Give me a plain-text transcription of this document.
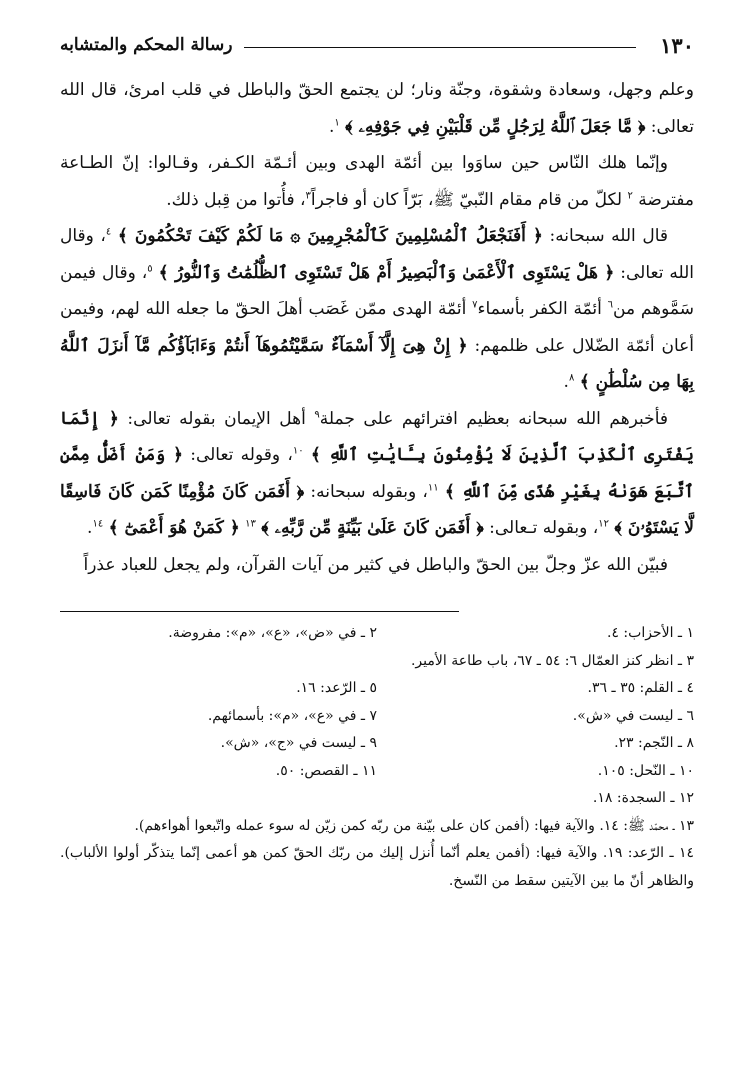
١٣٠
رسالة المحكم والمتشابه

وعلم وجهل، وسعادة وشقوة، وجنّة ونار؛ لن يجتمع الحقّ والباطل في قلب امرئ، قال الله تعالى: ﴿ مَّا جَعَلَ ٱللَّهُ لِرَجُلٍ مِّن قَلْبَيْنِ فِي جَوْفِهِۦ ﴾ $^١$.

وإنّما هلك النّاس حين ساوَوا بين أئمّة الهدى وبين أئـمّة الكـفر، وقـالوا: إنّ الطـاعة مفترضة $^٢$ لكلّ من قام مقام النّبيّ ﷺ، بَرّاً كان أو فاجراً$^٣$، فأُتوا من قِبل ذلك.

قال الله سبحانه: ﴿ أَفَنَجْعَلُ ٱلْمُسْلِمِينَ كَٱلْمُجْرِمِينَ ۞ مَا لَكُمْ كَيْفَ تَحْكُمُونَ ﴾ $^٤$، وقال الله تعالى: ﴿ هَلْ يَسْتَوِى ٱلْأَعْمَىٰ وَٱلْبَصِيرُ أَمْ هَلْ تَسْتَوِى ٱلظُّلُمَٰتُ وَٱلنُّورُ ﴾ $^٥$، وقال فيمن سَمَّوهم من$^٦$ أئمّة الكفر بأسماء$^٧$ أئمّة الهدى ممّن غَصَب أهلَ الحقّ ما جعله الله لهم، وفيمن أعان أئمّة الضّلال على ظلمهم: ﴿ إِنْ هِىَ إِلَّآ أَسْمَآءٌ سَمَّيْتُمُوهَآ أَنتُمْ وَءَابَآؤُكُم مَّآ أَنزَلَ ٱللَّهُ بِهَا مِن سُلْطَٰنٍ ﴾ $^٨$.

فأخبرهم الله سبحانه بعظيم افترائهم على جملة$^٩$ أهل الإيمان بقوله تعالى: ﴿ إِنَّمَا يَفْتَرِى ٱلْكَذِبَ ٱلَّذِينَ لَا يُؤْمِنُونَ بِـَٔايَٰتِ ٱللَّهِ ﴾ $^{١٠}$، وقوله تعالى: ﴿ وَمَنْ أَضَلُّ مِمَّنِ ٱتَّبَعَ هَوَىٰهُ بِغَيْرِ هُدًى مِّنَ ٱللَّهِ ﴾ $^{١١}$، وبقوله سبحانه: ﴿ أَفَمَن كَانَ مُؤْمِنًا كَمَن كَانَ فَاسِقًا لَّا يَسْتَوُۥنَ ﴾ $^{١٢}$، وبقوله تـعالى: ﴿ أَفَمَن كَانَ عَلَىٰ بَيِّنَةٍ مِّن رَّبِّهِۦ ﴾ $^{١٣}$ ﴿ كَمَنْ هُوَ أَعْمَىٰٓ ﴾ $^{١٤}$.

فبيّن الله عزّ وجلّ بين الحقّ والباطل في كثير من آيات القرآن، ولم يجعل للعباد عذراً

١ ـ الأحزاب: ٤.
٢ ـ في «ض»، «ع»، «م»: مفروضة.
٣ ـ انظر كنز العمّال ٦: ٥٤ ـ ٦٧، باب طاعة الأمير.
٤ ـ القلم: ٣٥ ـ ٣٦.
٥ ـ الرّعد: ١٦.
٦ ـ ليست في «ش».
٧ ـ في «ع»، «م»: بأسمائهم.
٨ ـ النّجم: ٢٣.
٩ ـ ليست في «ج»، «ش».
١٠ ـ النّحل: ١٠٥.
١١ ـ القصص: ٥٠.
١٢ ـ السجدة: ١٨.
١٣ ـ محمّد ﷺ: ١٤. والآية فيها: (أفمن كان على بيّنة من ربّه كمن زيّن له سوء عمله واتّبعوا أهواءهم).
١٤ ـ الرّعد: ١٩. والآية فيها: (أفمن يعلم أنّما أُنزل إليك من ربّك الحقّ كمن هو أعمى إنّما يتذكّر أولوا الألباب). والظاهر أنّ ما بين الآيتين سقط من النّسخ.
